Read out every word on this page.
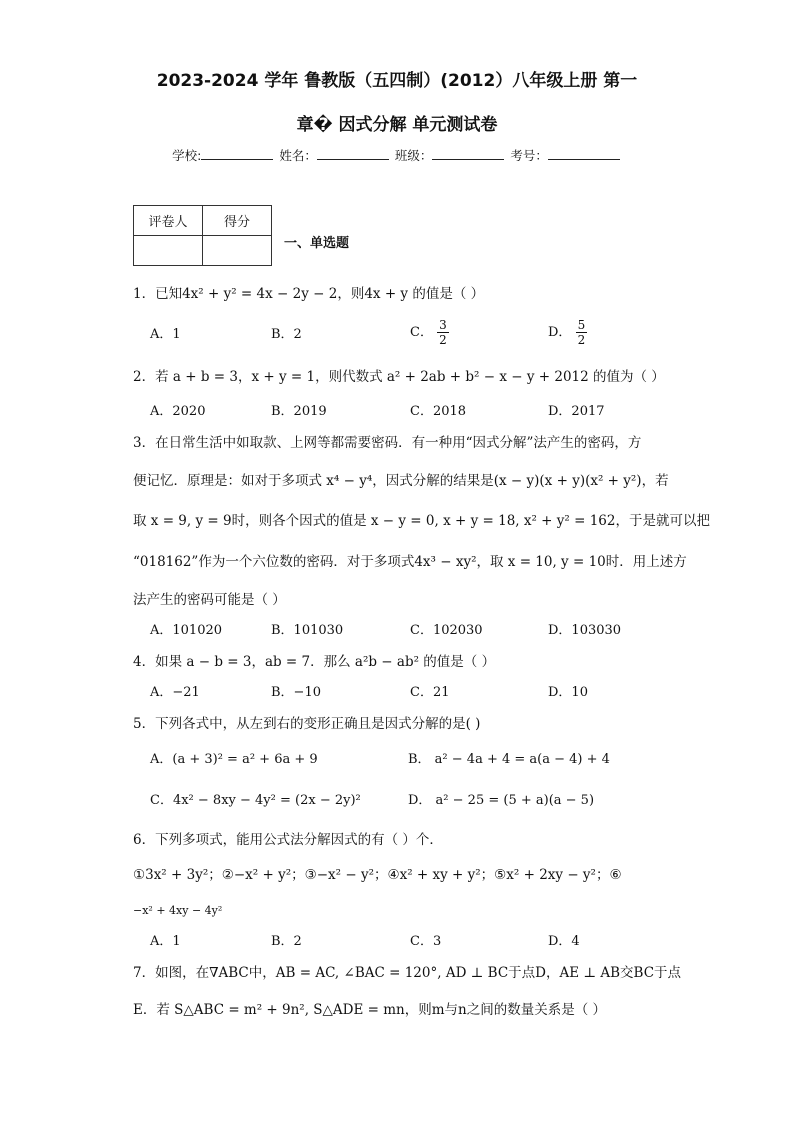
2023-2024 学年 鲁教版（五四制）(2012）八年级上册 第一
章� 因式分解 单元测试卷
学校:	姓名：	班级：	考号：
评卷人	得分

一、单选题
1．已知4x² + y² = 4x − 2y − 2，则4x + y 的值是（ ）
A．1	B．2	C． $\frac{3}{2}$	D． $\frac{5}{2}$
2．若 a + b = 3，x + y = 1，则代数式 a² + 2ab + b² − x − y + 2012 的值为（ ）
A．2020	B．2019	C．2018	D．2017
3．在日常生活中如取款、上网等都需要密码．有一种用“因式分解”法产生的密码，方
便记忆．原理是：如对于多项式 x⁴ − y⁴，因式分解的结果是(x − y)(x + y)(x² + y²)，若
取 x = 9, y = 9时，则各个因式的值是 x − y = 0, x + y = 18, x² + y² = 162，于是就可以把
“018162”作为一个六位数的密码．对于多项式4x³ − xy²，取 x = 10, y = 10时．用上述方
法产生的密码可能是（ ）
A．101020	B．101030	C．102030	D．103030
4．如果 a − b = 3，ab = 7．那么 a²b − ab² 的值是（ ）
A．−21	B．−10	C．21	D．10
5．下列各式中，从左到右的变形正确且是因式分解的是( )
A．(a + 3)² = a² + 6a + 9	B． a² − 4a + 4 = a(a − 4) + 4
C．4x² − 8xy − 4y² = (2x − 2y)²	D． a² − 25 = (5 + a)(a − 5)
6．下列多项式，能用公式法分解因式的有（ ）个．
①3x² + 3y²；②−x² + y²；③−x² − y²；④x² + xy + y²；⑤x² + 2xy − y²；⑥
−x² + 4xy − 4y²
A．1	B．2	C．3	D．4
7．如图，在∇ABC中，AB = AC, ∠BAC = 120°, AD ⊥ BC于点D，AE ⊥ AB交BC于点
E．若 S△ABC = m² + 9n², S△ADE = mn，则m与n之间的数量关系是（ ）
